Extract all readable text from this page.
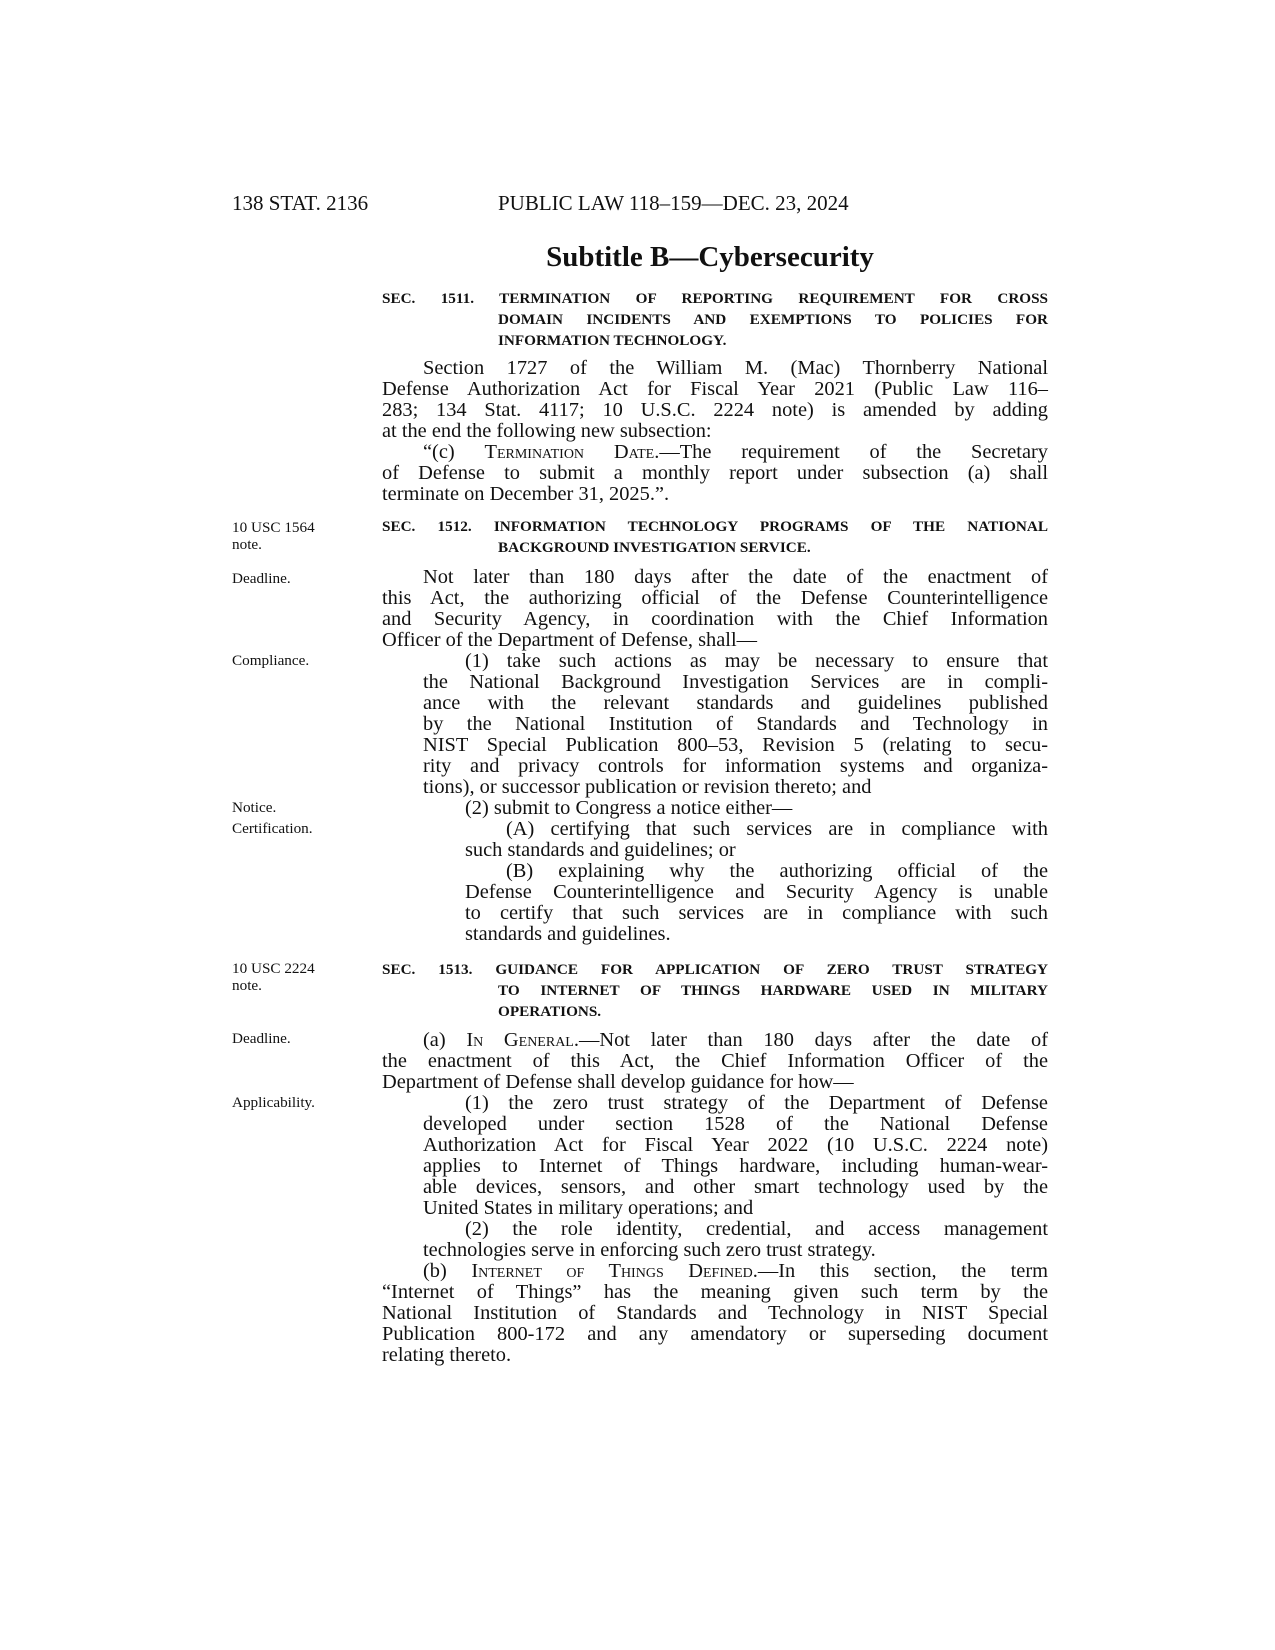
138 STAT. 2136	PUBLIC LAW 118–159—DEC. 23, 2024
Subtitle B—Cybersecurity
SEC. 1511. TERMINATION OF REPORTING REQUIREMENT FOR CROSS
DOMAIN INCIDENTS AND EXEMPTIONS TO POLICIES FOR
INFORMATION TECHNOLOGY.
Section 1727 of the William M. (Mac) Thornberry National
Defense Authorization Act for Fiscal Year 2021 (Public Law 116–
283; 134 Stat. 4117; 10 U.S.C. 2224 note) is amended by adding
at the end the following new subsection:
“(c) Termination Date.—The requirement of the Secretary
of Defense to submit a monthly report under subsection (a) shall
terminate on December 31, 2025.”.
10 USC 1564
note.
SEC. 1512. INFORMATION TECHNOLOGY PROGRAMS OF THE NATIONAL
BACKGROUND INVESTIGATION SERVICE.
Deadline.	Not later than 180 days after the date of the enactment of
this Act, the authorizing official of the Defense Counterintelligence
and Security Agency, in coordination with the Chief Information
Officer of the Department of Defense, shall—
Compliance.	(1) take such actions as may be necessary to ensure that
the National Background Investigation Services are in compli-
ance with the relevant standards and guidelines published
by the National Institution of Standards and Technology in
NIST Special Publication 800–53, Revision 5 (relating to secu-
rity and privacy controls for information systems and organiza-
tions), or successor publication or revision thereto; and
Notice.	(2) submit to Congress a notice either—
Certification.	(A) certifying that such services are in compliance with
such standards and guidelines; or
(B) explaining why the authorizing official of the
Defense Counterintelligence and Security Agency is unable
to certify that such services are in compliance with such
standards and guidelines.
10 USC 2224
note.
SEC. 1513. GUIDANCE FOR APPLICATION OF ZERO TRUST STRATEGY
TO INTERNET OF THINGS HARDWARE USED IN MILITARY
OPERATIONS.
Deadline.	(a) In General.—Not later than 180 days after the date of
the enactment of this Act, the Chief Information Officer of the
Department of Defense shall develop guidance for how—
Applicability.	(1) the zero trust strategy of the Department of Defense
developed under section 1528 of the National Defense
Authorization Act for Fiscal Year 2022 (10 U.S.C. 2224 note)
applies to Internet of Things hardware, including human-wear-
able devices, sensors, and other smart technology used by the
United States in military operations; and
(2) the role identity, credential, and access management
technologies serve in enforcing such zero trust strategy.
(b) Internet of Things Defined.—In this section, the term
“Internet of Things” has the meaning given such term by the
National Institution of Standards and Technology in NIST Special
Publication 800-172 and any amendatory or superseding document
relating thereto.
